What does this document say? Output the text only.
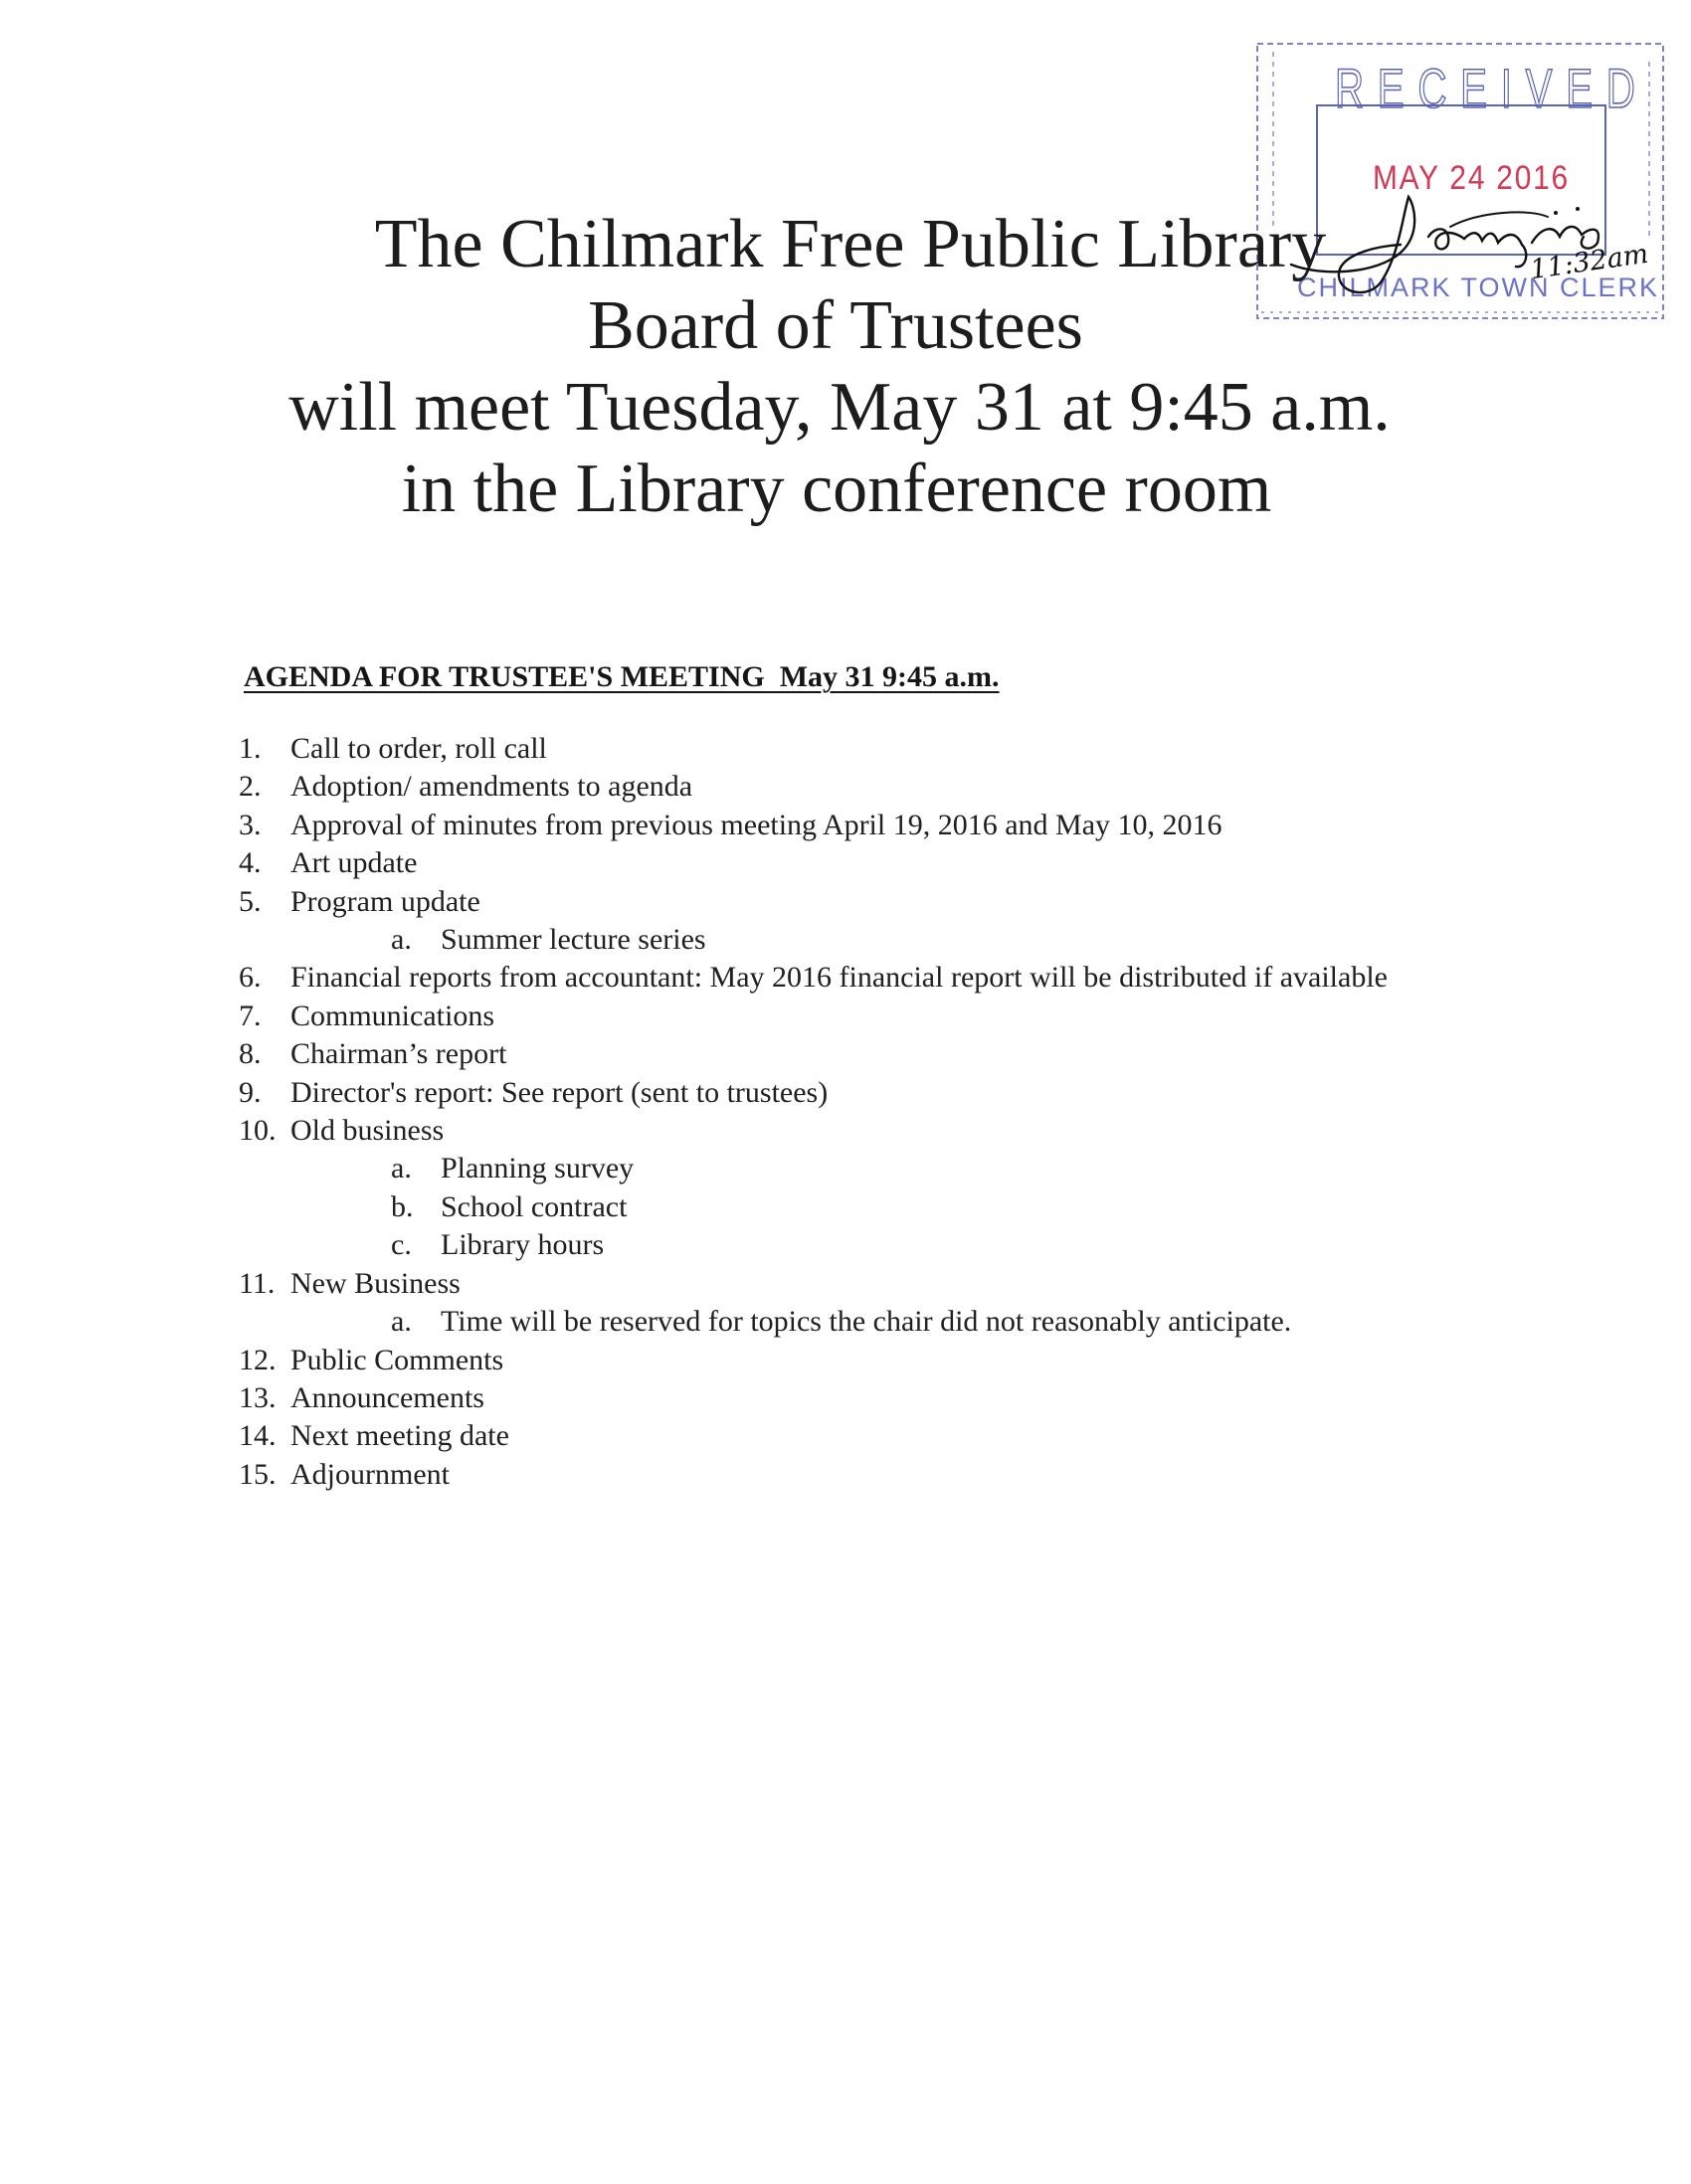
RECEIVED
MAY 24 2016
CHILMARK TOWN CLERK
The Chilmark Free Public Library
Board of Trustees
will meet Tuesday, May 31 at 9:45 a.m.
in the Library conference room
11:32am
AGENDA FOR TRUSTEE'S MEETING  May 31 9:45 a.m.
1. Call to order, roll call
2. Adoption/ amendments to agenda
3. Approval of minutes from previous meeting April 19, 2016 and May 10, 2016
4. Art update
5. Program update
a. Summer lecture series
6. Financial reports from accountant: May 2016 financial report will be distributed if available
7. Communications
8. Chairman’s report
9. Director's report: See report (sent to trustees)
10. Old business
a. Planning survey
b. School contract
c. Library hours
11. New Business
a. Time will be reserved for topics the chair did not reasonably anticipate.
12. Public Comments
13. Announcements
14. Next meeting date
15. Adjournment
